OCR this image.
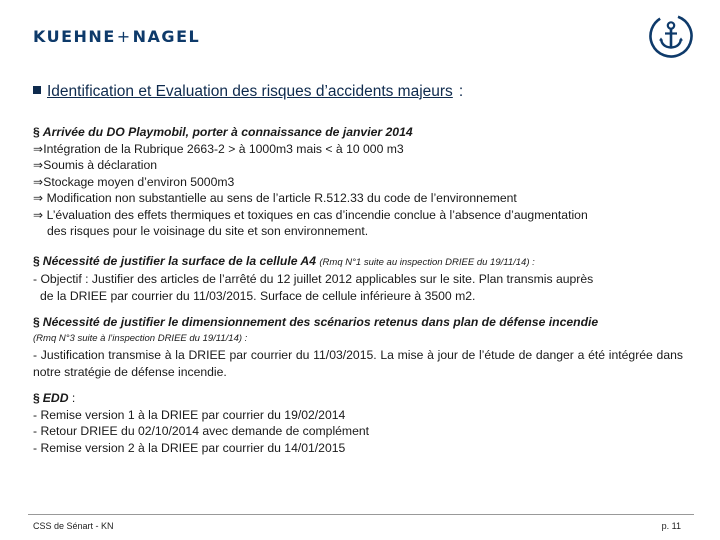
KUEHNE+NAGEL
Identification et Evaluation des risques d’accidents majeurs :
§ Arrivée du DO Playmobil, porter à connaissance de janvier 2014
⇒Intégration de la Rubrique 2663-2 > à 1000m3 mais < à 10 000 m3
⇒Soumis à déclaration
⇒Stockage moyen d’environ 5000m3
⇒ Modification non substantielle au sens de l’article R.512.33 du code de l’environnement
⇒ L’évaluation des effets thermiques et toxiques en cas d’incendie conclue à l’absence d’augmentation
des risques pour le voisinage du site et son environnement.
§ Nécessité de justifier la surface de la cellule A4 (Rmq N°1 suite au inspection DRIEE du 19/11/14) :
- Objectif : Justifier des articles de l’arrêté du 12 juillet 2012 applicables sur le site. Plan transmis auprès
de la DRIEE par courrier du 11/03/2015. Surface de cellule inférieure à 3500 m2.
§ Nécessité de justifier le dimensionnement des scénarios retenus dans plan de défense incendie
(Rmq N°3 suite à l’inspection DRIEE du 19/11/14) :
- Justification transmise à la DRIEE par courrier du 11/03/2015. La mise à jour de l’étude de danger a été intégrée dans notre stratégie de défense incendie.
§ EDD :
- Remise version 1 à la DRIEE par courrier du 19/02/2014
- Retour DRIEE du 02/10/2014 avec demande de complément
- Remise version 2 à la DRIEE par courrier du 14/01/2015
CSS de Sénart - KN	p. 11
